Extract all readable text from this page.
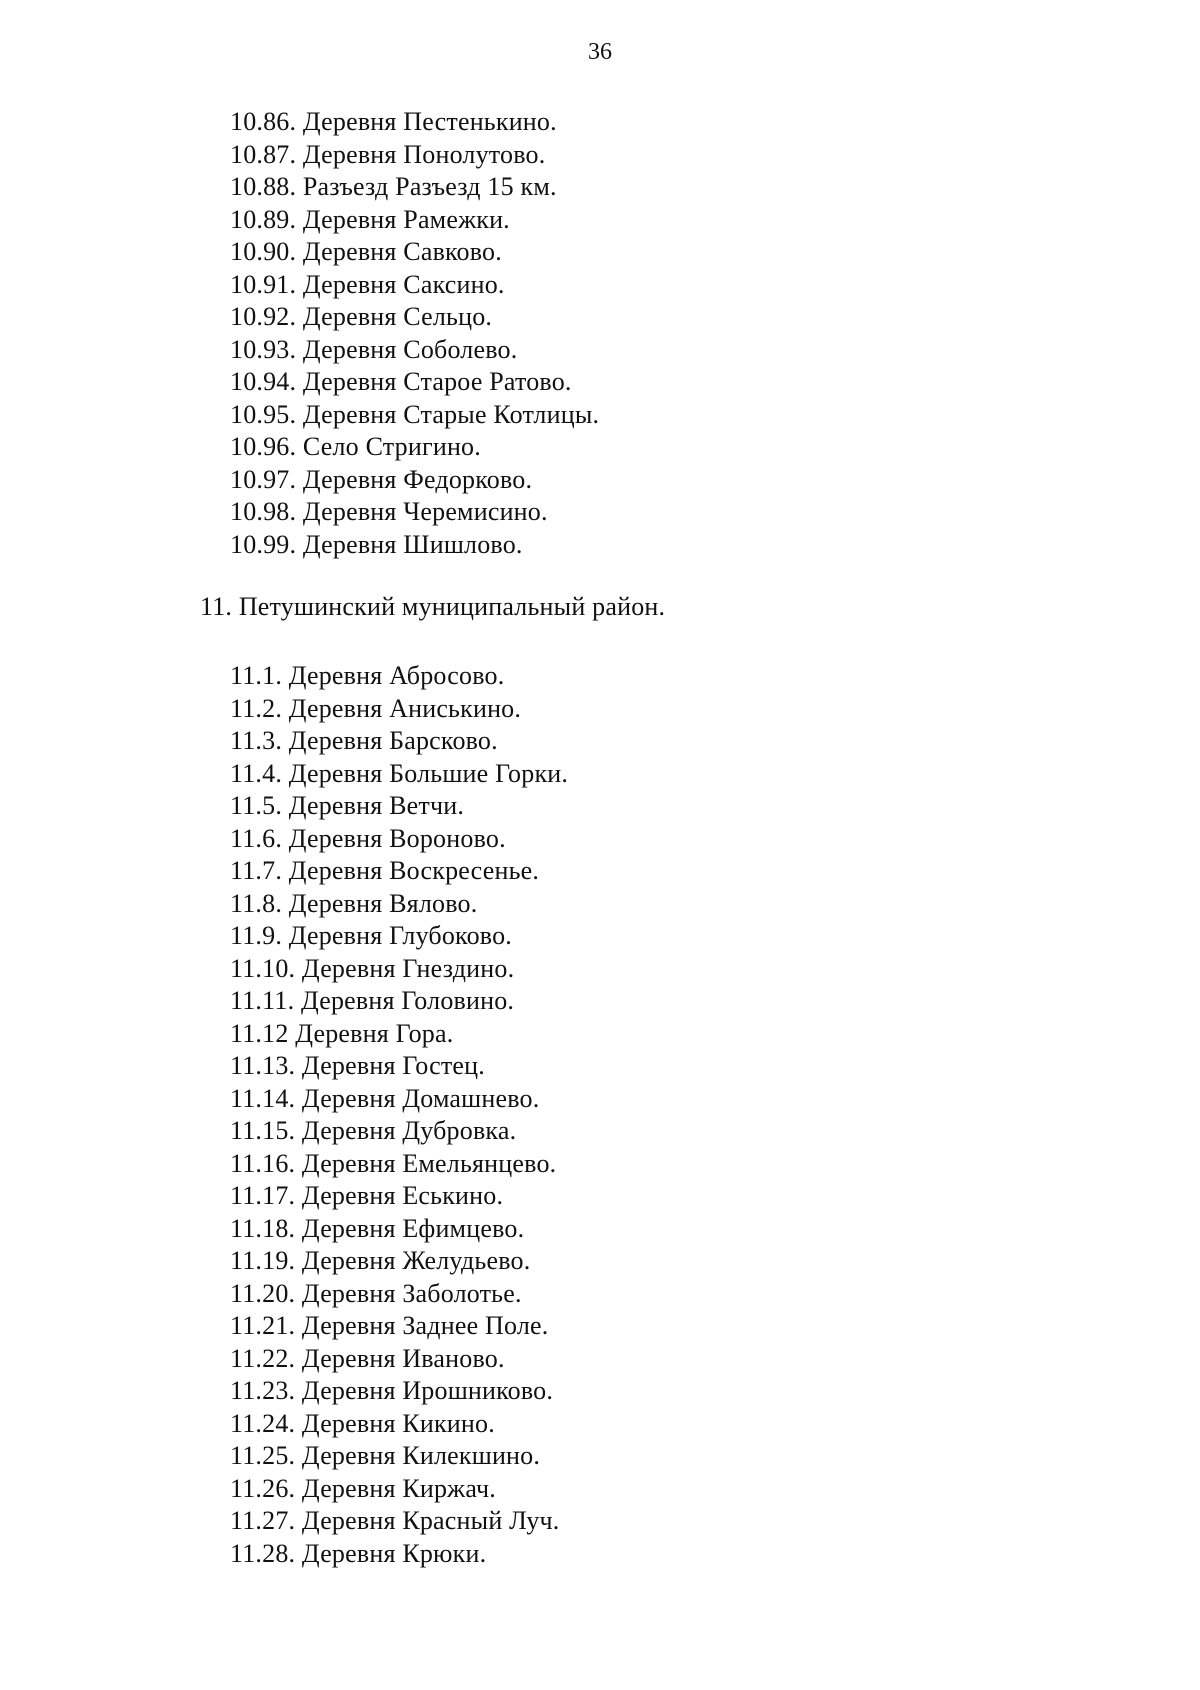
36
10.86. Деревня Пестенькино.
10.87. Деревня Понолутово.
10.88. Разъезд Разъезд 15 км.
10.89. Деревня Рамежки.
10.90. Деревня Савково.
10.91. Деревня Саксино.
10.92. Деревня Сельцо.
10.93. Деревня Соболево.
10.94. Деревня Старое Ратово.
10.95. Деревня Старые Котлицы.
10.96. Село Стригино.
10.97. Деревня Федорково.
10.98. Деревня Черемисино.
10.99. Деревня Шишлово.
11. Петушинский муниципальный район.
11.1. Деревня Абросово.
11.2. Деревня Аниськино.
11.3. Деревня Барсково.
11.4. Деревня Большие Горки.
11.5. Деревня Ветчи.
11.6. Деревня Вороново.
11.7. Деревня Воскресенье.
11.8. Деревня Вялово.
11.9. Деревня Глубоково.
11.10. Деревня Гнездино.
11.11. Деревня Головино.
11.12 Деревня Гора.
11.13. Деревня Гостец.
11.14. Деревня Домашнево.
11.15. Деревня Дубровка.
11.16. Деревня Емельянцево.
11.17. Деревня Еськино.
11.18. Деревня Ефимцево.
11.19. Деревня Желудьево.
11.20. Деревня Заболотье.
11.21. Деревня Заднее Поле.
11.22. Деревня Иваново.
11.23. Деревня Ирошниково.
11.24. Деревня Кикино.
11.25. Деревня Килекшино.
11.26. Деревня Киржач.
11.27. Деревня Красный Луч.
11.28. Деревня Крюки.
